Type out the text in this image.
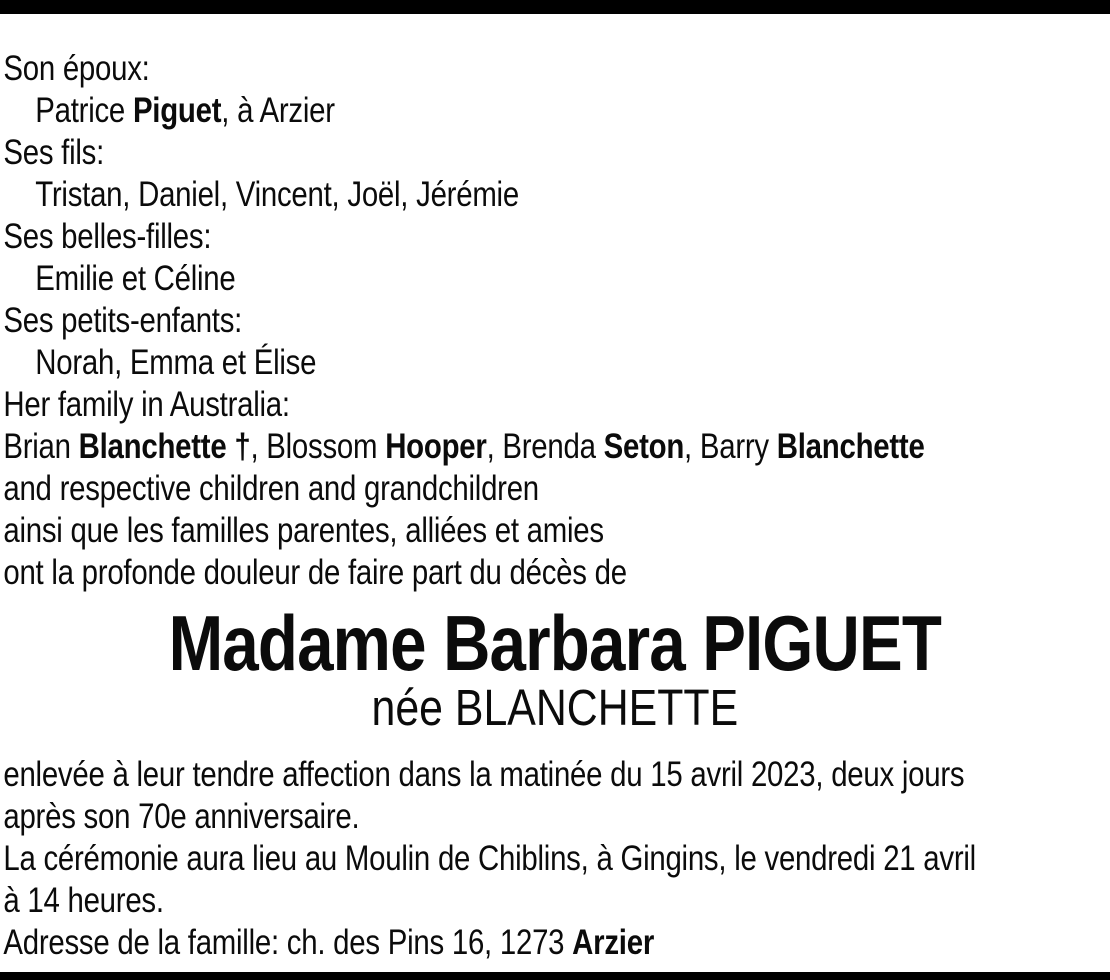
Son époux:
Patrice Piguet, à Arzier
Ses fils:
Tristan, Daniel, Vincent, Joël, Jérémie
Ses belles-filles:
Emilie et Céline
Ses petits-enfants:
Norah, Emma et Élise
Her family in Australia:
Brian Blanchette †, Blossom Hooper, Brenda Seton, Barry Blanchette
and respective children and grandchildren
ainsi que les familles parentes, alliées et amies
ont la profonde douleur de faire part du décès de
Madame Barbara PIGUET
née BLANCHETTE
enlevée à leur tendre affection dans la matinée du 15 avril 2023, deux jours
après son 70e anniversaire.
La cérémonie aura lieu au Moulin de Chiblins, à Gingins, le vendredi 21 avril
à 14 heures.
Adresse de la famille: ch. des Pins 16, 1273 Arzier
